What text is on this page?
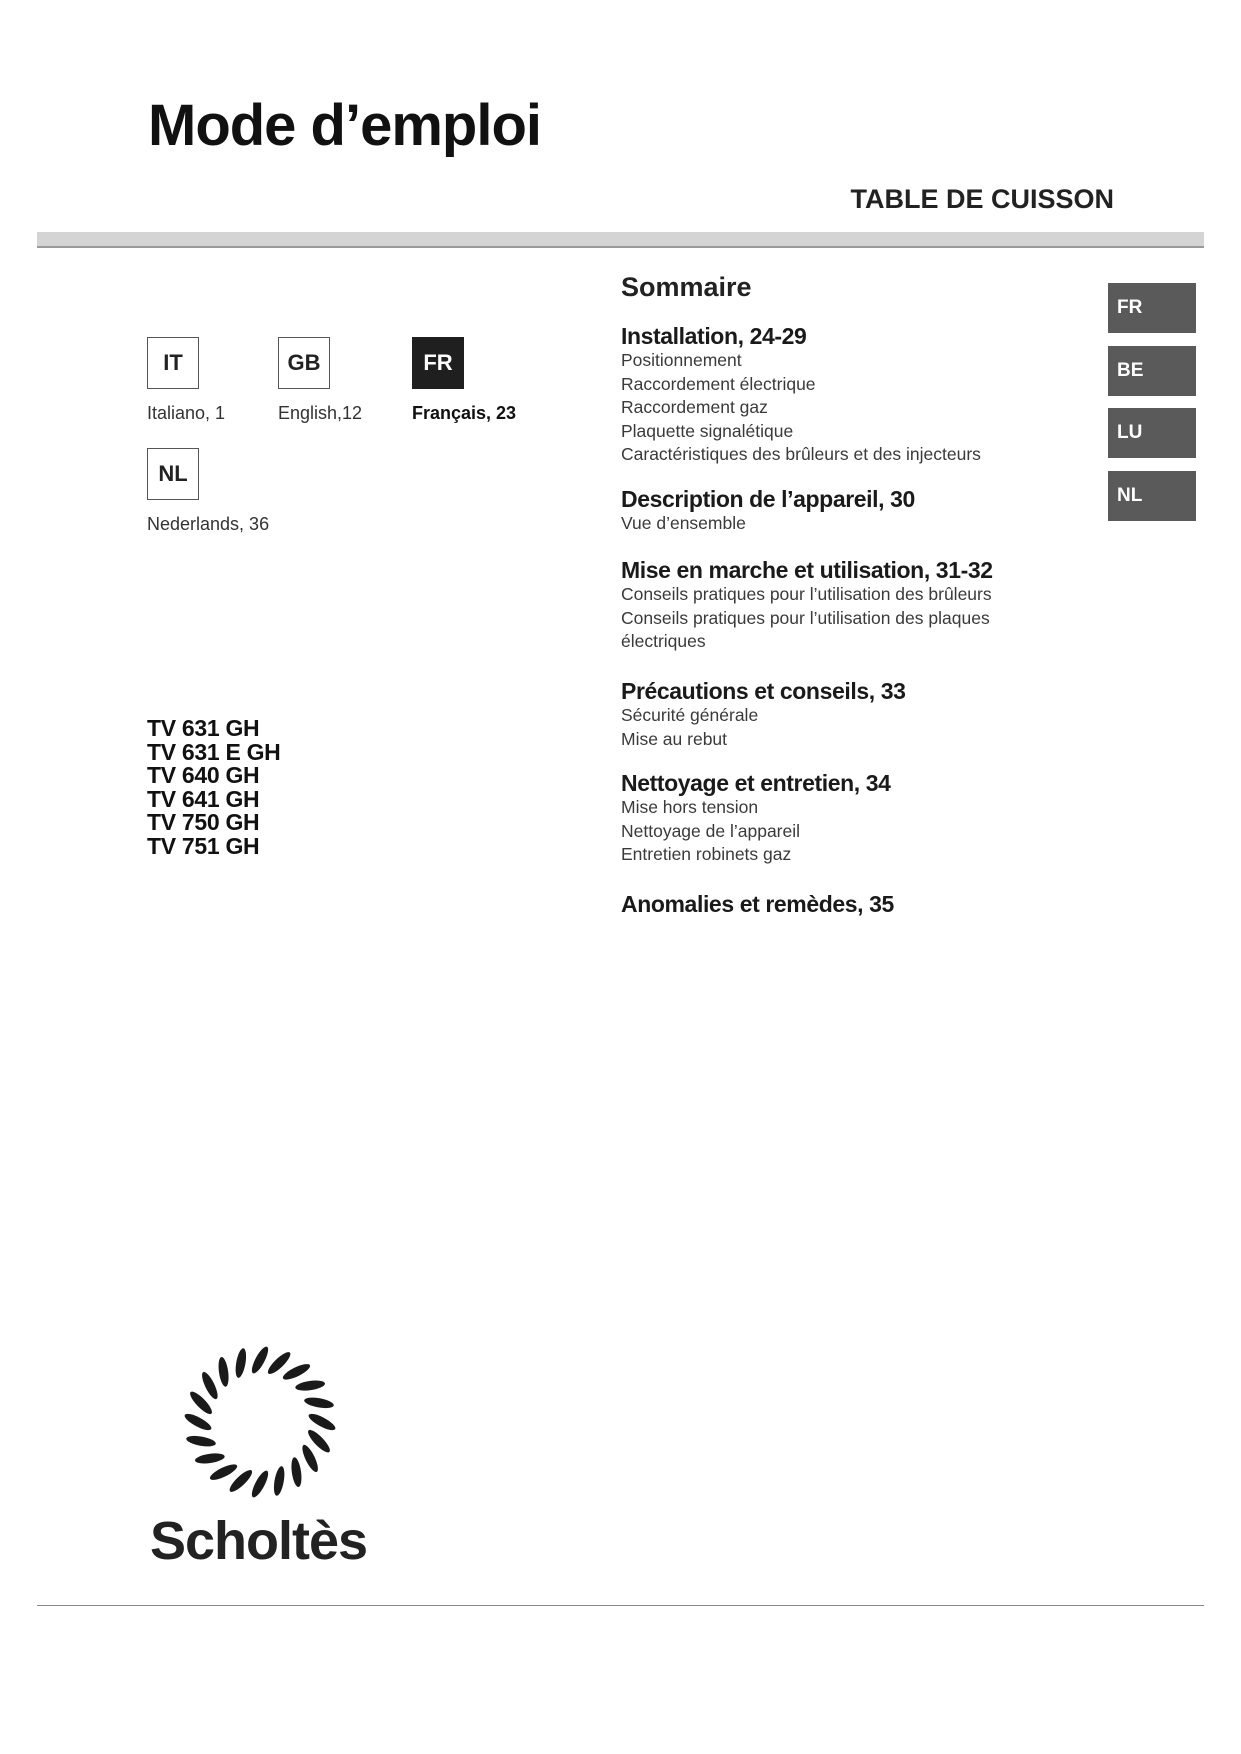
Mode d’emploi
TABLE DE CUISSON
IT
Italiano, 1
GB
English,12
FR
Français, 23
NL
Nederlands, 36
TV 631 GH
TV 631 E GH
TV 640 GH
TV 641 GH
TV 750 GH
TV 751 GH
Sommaire
Installation, 24-29
Positionnement
Raccordement électrique
Raccordement gaz
Plaquette signalétique
Caractéristiques des brûleurs et des injecteurs
Description de l’appareil, 30
Vue d’ensemble
Mise en marche et utilisation, 31-32
Conseils pratiques pour l’utilisation des brûleurs
Conseils pratiques pour l’utilisation des plaques
électriques
Précautions et conseils, 33
Sécurité générale
Mise au rebut
Nettoyage et entretien, 34
Mise hors tension
Nettoyage de l’appareil
Entretien robinets gaz
Anomalies et remèdes, 35
FR
BE
LU
NL
Scholtès
